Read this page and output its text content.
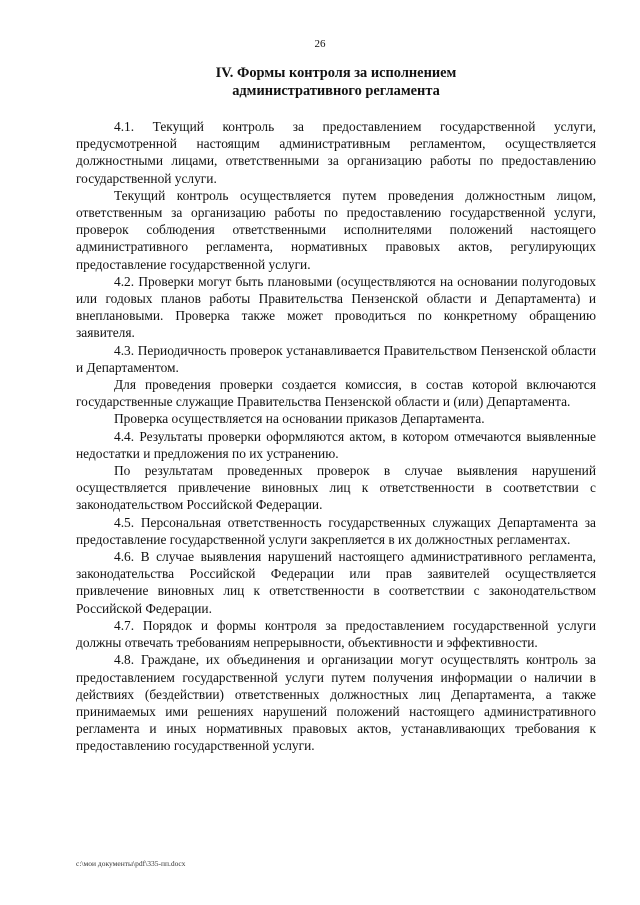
26
IV. Формы контроля за исполнением
административного регламента

4.1. Текущий контроль за предоставлением государственной услуги, предусмотренной настоящим административным регламентом, осуществляется должностными лицами, ответственными за организацию работы по предоставлению государственной услуги.

Текущий контроль осуществляется путем проведения должностным лицом, ответственным за организацию работы по предоставлению государственной услуги, проверок соблюдения ответственными исполнителями положений настоящего административного регламента, нормативных правовых актов, регулирующих предоставление государственной услуги.

4.2. Проверки могут быть плановыми (осуществляются на основании полугодовых или годовых планов работы Правительства Пензенской области и Департамента) и внеплановыми. Проверка также может проводиться по конкретному обращению заявителя.

4.3. Периодичность проверок устанавливается Правительством Пензенской области и Департаментом.

Для проведения проверки создается комиссия, в состав которой включаются государственные служащие Правительства Пензенской области и (или) Департамента.

Проверка осуществляется на основании приказов Департамента.

4.4. Результаты проверки оформляются актом, в котором отмечаются выявленные недостатки и предложения по их устранению.

По результатам проведенных проверок в случае выявления нарушений осуществляется привлечение виновных лиц к ответственности в соответствии с законодательством Российской Федерации.

4.5. Персональная ответственность государственных служащих Департамента за предоставление государственной услуги закрепляется в их должностных регламентах.

4.6. В случае выявления нарушений настоящего административного регламента, законодательства Российской Федерации или прав заявителей осуществляется привлечение виновных лиц к ответственности в соответствии с законодательством Российской Федерации.

4.7. Порядок и формы контроля за предоставлением государственной услуги должны отвечать требованиям непрерывности, объективности и эффективности.

4.8. Граждане, их объединения и организации могут осуществлять контроль за предоставлением государственной услуги путем получения информации о наличии в действиях (бездействии) ответственных должностных лиц Департамента, а также принимаемых ими решениях нарушений положений настоящего административного регламента и иных нормативных правовых актов, устанавливающих требования к предоставлению государственной услуги.

c:\мои документы\pdf\335-пп.docx
